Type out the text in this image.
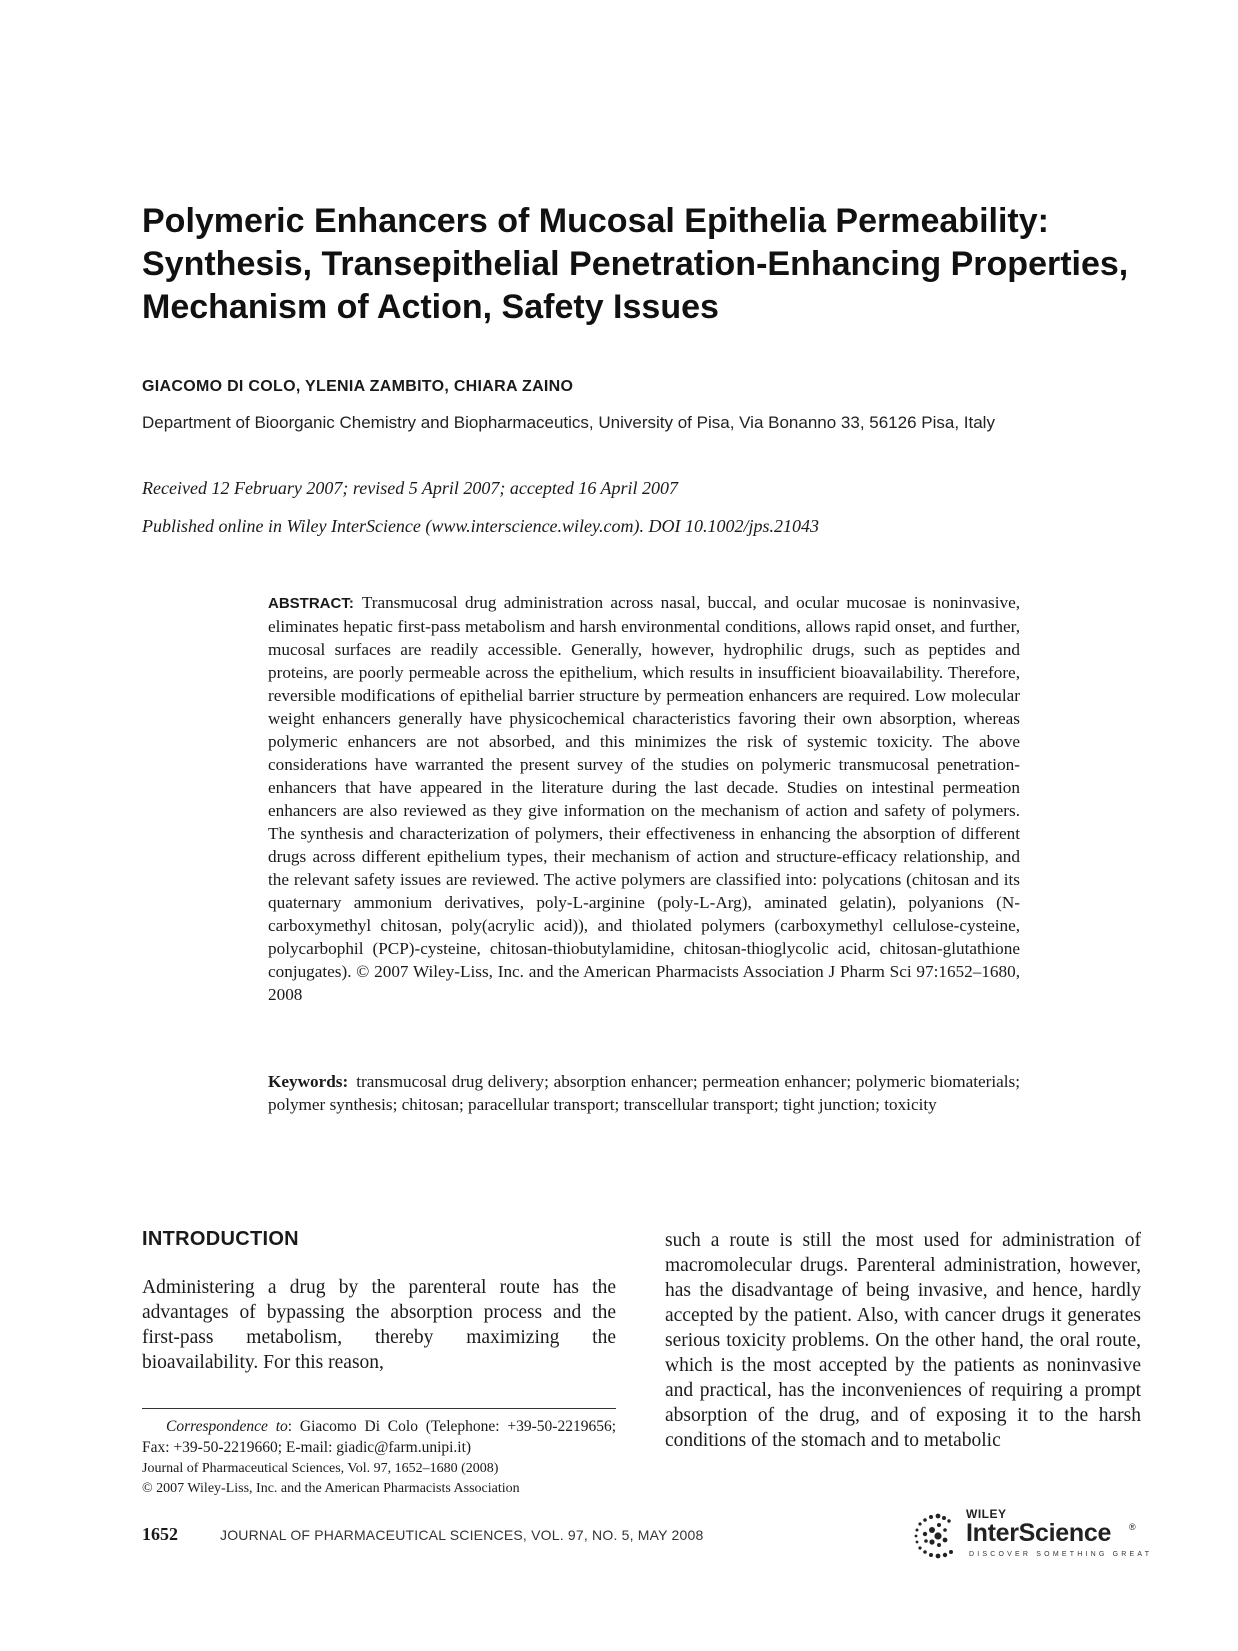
Polymeric Enhancers of Mucosal Epithelia Permeability:
Synthesis, Transepithelial Penetration-Enhancing Properties,
Mechanism of Action, Safety Issues
GIACOMO DI COLO, YLENIA ZAMBITO, CHIARA ZAINO
Department of Bioorganic Chemistry and Biopharmaceutics, University of Pisa, Via Bonanno 33, 56126 Pisa, Italy
Received 12 February 2007; revised 5 April 2007; accepted 16 April 2007
Published online in Wiley InterScience (www.interscience.wiley.com). DOI 10.1002/jps.21043
ABSTRACT: Transmucosal drug administration across nasal, buccal, and ocular mucosae is noninvasive, eliminates hepatic first-pass metabolism and harsh environmental conditions, allows rapid onset, and further, mucosal surfaces are readily accessible. Generally, however, hydrophilic drugs, such as peptides and proteins, are poorly permeable across the epithelium, which results in insufficient bioavailability. Therefore, reversible modifications of epithelial barrier structure by permeation enhancers are required. Low molecular weight enhancers generally have physicochemical characteristics favoring their own absorption, whereas polymeric enhancers are not absorbed, and this minimizes the risk of systemic toxicity. The above considerations have warranted the present survey of the studies on polymeric transmucosal penetration-enhancers that have appeared in the literature during the last decade. Studies on intestinal permeation enhancers are also reviewed as they give information on the mechanism of action and safety of polymers. The synthesis and characterization of polymers, their effectiveness in enhancing the absorption of different drugs across different epithelium types, their mechanism of action and structure-efficacy relationship, and the relevant safety issues are reviewed. The active polymers are classified into: polycations (chitosan and its quaternary ammonium derivatives, poly-L-arginine (poly-L-Arg), aminated gelatin), polyanions (N-carboxymethyl chitosan, poly(acrylic acid)), and thiolated polymers (carboxymethyl cellulose-cysteine, polycarbophil (PCP)-cysteine, chitosan-thiobutylamidine, chitosan-thioglycolic acid, chitosan-glutathione conjugates). © 2007 Wiley-Liss, Inc. and the American Pharmacists Association J Pharm Sci 97:1652–1680, 2008
Keywords: transmucosal drug delivery; absorption enhancer; permeation enhancer; polymeric biomaterials; polymer synthesis; chitosan; paracellular transport; transcellular transport; tight junction; toxicity
INTRODUCTION
Administering a drug by the parenteral route has the advantages of bypassing the absorption process and the first-pass metabolism, thereby maximizing the bioavailability. For this reason,
such a route is still the most used for administration of macromolecular drugs. Parenteral administration, however, has the disadvantage of being invasive, and hence, hardly accepted by the patient. Also, with cancer drugs it generates serious toxicity problems. On the other hand, the oral route, which is the most accepted by the patients as noninvasive and practical, has the inconveniences of requiring a prompt absorption of the drug, and of exposing it to the harsh conditions of the stomach and to metabolic
Correspondence to: Giacomo Di Colo (Telephone: +39-50-2219656; Fax: +39-50-2219660; E-mail: giadic@farm.unipi.it)
Journal of Pharmaceutical Sciences, Vol. 97, 1652–1680 (2008)
© 2007 Wiley-Liss, Inc. and the American Pharmacists Association
1652	JOURNAL OF PHARMACEUTICAL SCIENCES, VOL. 97, NO. 5, MAY 2008
WILEY
InterScience ®
DISCOVER SOMETHING GREAT
